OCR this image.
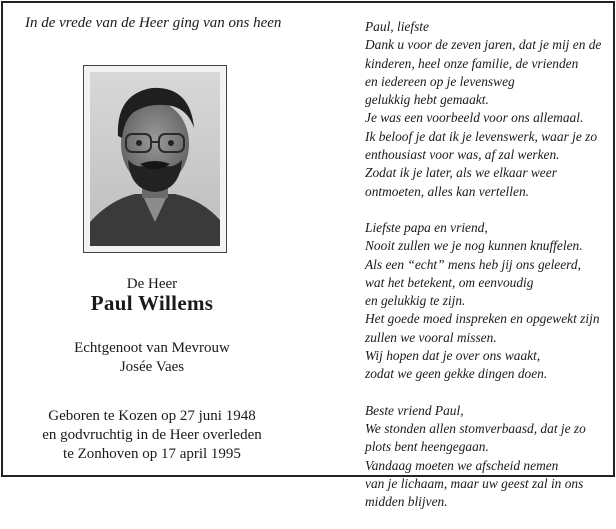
In de vrede van de Heer ging van ons heen
De Heer
Paul Willems
Echtgenoot van Mevrouw
Josée Vaes
Geboren te Kozen op 27 juni 1948
en godvruchtig in de Heer overleden
te Zonhoven op 17 april 1995
Paul, liefste
Dank u voor de zeven jaren, dat je mij en de
kinderen, heel onze familie, de vrienden
en iedereen op je levensweg
gelukkig hebt gemaakt.
Je was een voorbeeld voor ons allemaal.
Ik beloof je dat ik je levenswerk, waar je zo
enthousiast voor was, af zal werken.
Zodat ik je later, als we elkaar weer
ontmoeten, alles kan vertellen.
Liefste papa en vriend,
Nooit zullen we je nog kunnen knuffelen.
Als een “echt” mens heb jij ons geleerd,
wat het betekent, om eenvoudig
en gelukkig te zijn.
Het goede moed inspreken en opgewekt zijn
zullen we vooral missen.
Wij hopen dat je over ons waakt,
zodat we geen gekke dingen doen.
Beste vriend Paul,
We stonden allen stomverbaasd, dat je zo
plots bent heengegaan.
Vandaag moeten we afscheid nemen
van je lichaam, maar uw geest zal in ons
midden blijven.
